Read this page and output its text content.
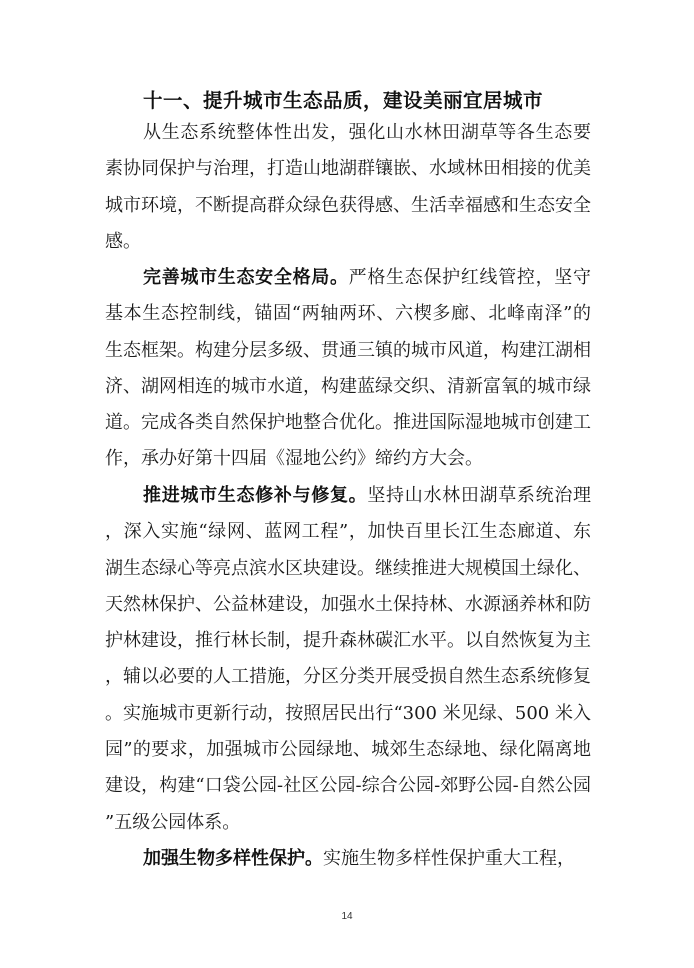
十一、提升城市生态品质，建设美丽宜居城市
从生态系统整体性出发，强化山水林田湖草等各生态要素协同保护与治理，打造山地湖群镶嵌、水域林田相接的优美城市环境，不断提高群众绿色获得感、生活幸福感和生态安全感。
完善城市生态安全格局。严格生态保护红线管控，坚守基本生态控制线，锚固“两轴两环、六楔多廊、北峰南泽”的生态框架。构建分层多级、贯通三镇的城市风道，构建江湖相济、湖网相连的城市水道，构建蓝绿交织、清新富氧的城市绿道。完成各类自然保护地整合优化。推进国际湿地城市创建工作，承办好第十四届《湿地公约》缔约方大会。
推进城市生态修补与修复。坚持山水林田湖草系统治理，深入实施“绿网、蓝网工程”，加快百里长江生态廊道、东湖生态绿心等亮点滨水区块建设。继续推进大规模国土绿化、天然林保护、公益林建设，加强水土保持林、水源涵养林和防护林建设，推行林长制，提升森林碳汇水平。以自然恢复为主，辅以必要的人工措施，分区分类开展受损自然生态系统修复。实施城市更新行动，按照居民出行“300 米见绿、500 米入园”的要求，加强城市公园绿地、城郊生态绿地、绿化隔离地建设，构建“口袋公园-社区公园-综合公园-郊野公园-自然公园”五级公园体系。
加强生物多样性保护。实施生物多样性保护重大工程，
14
